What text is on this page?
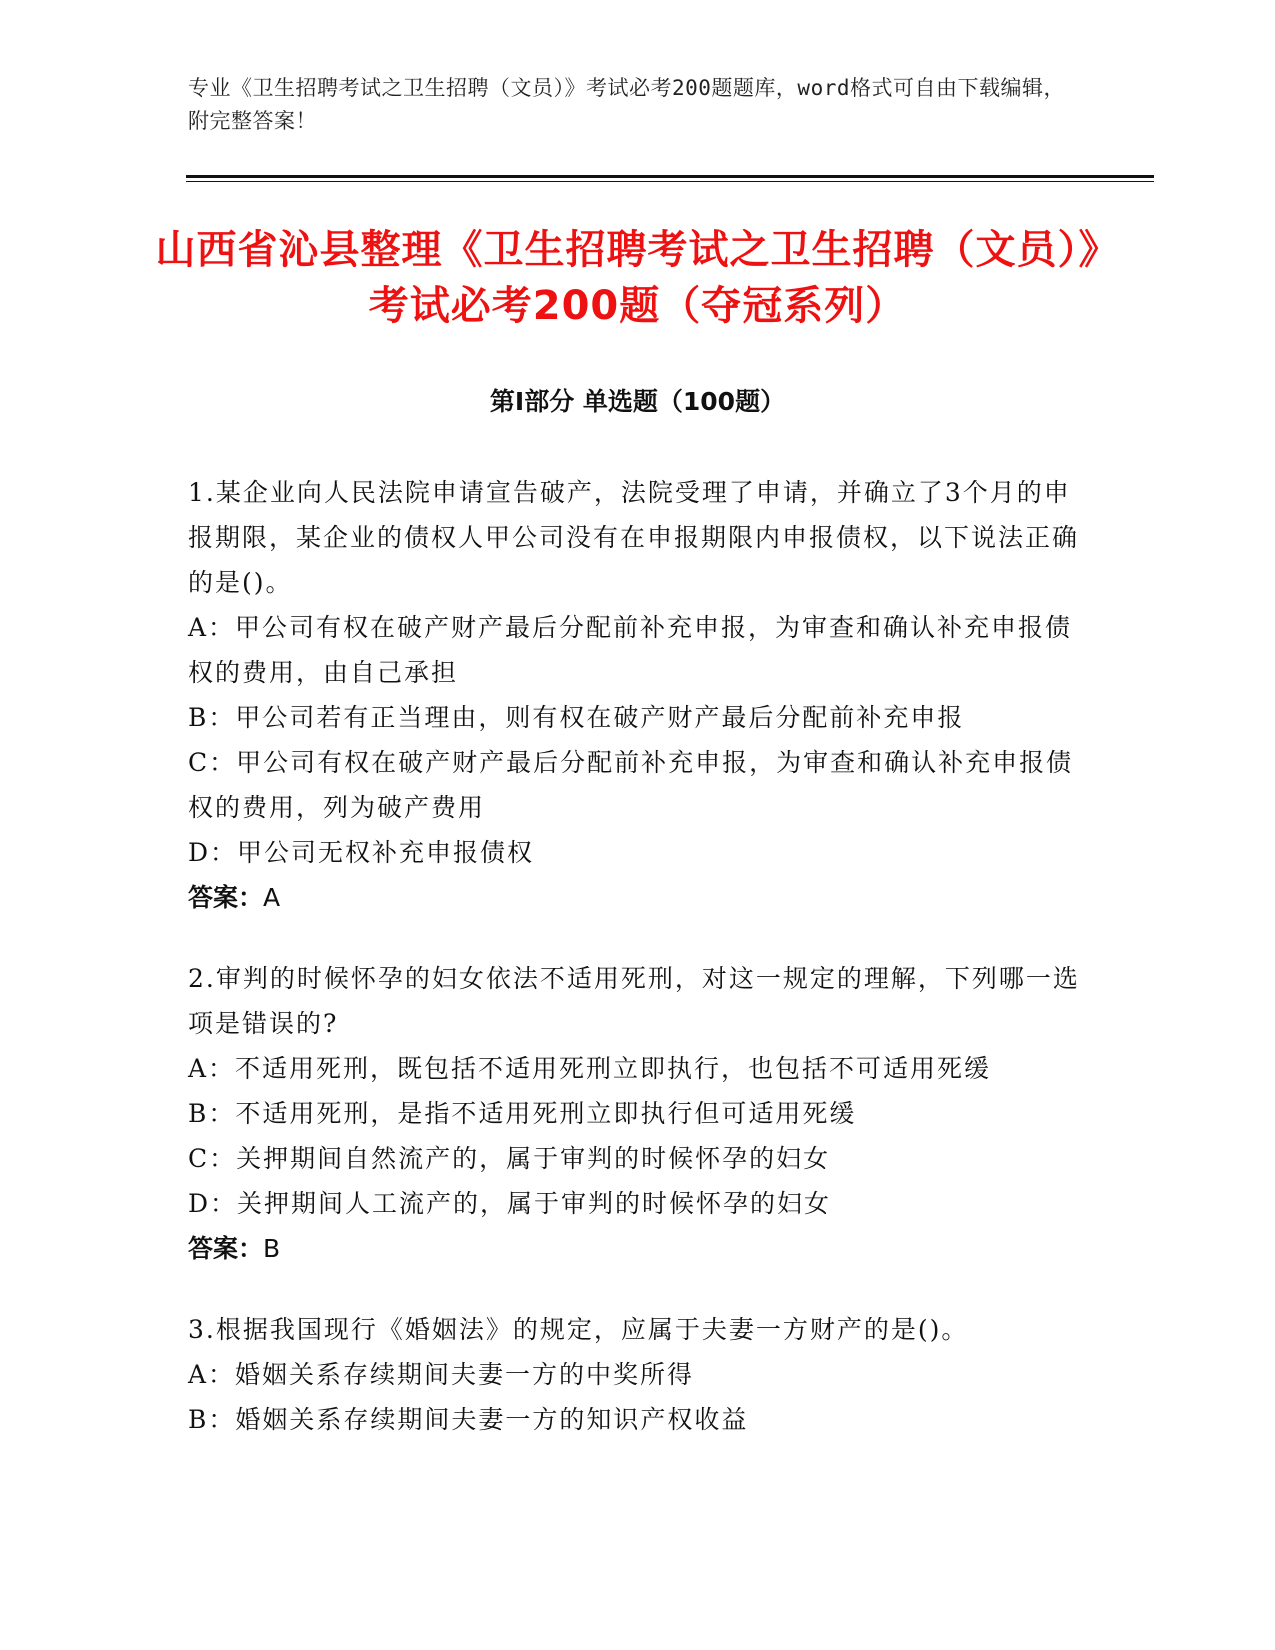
专业《卫生招聘考试之卫生招聘（文员）》考试必考200题题库，word格式可自由下载编辑，附完整答案！
山西省沁县整理《卫生招聘考试之卫生招聘（文员）》考试必考200题（夺冠系列）
第Ⅰ部分 单选题（100题）
1.某企业向人民法院申请宣告破产，法院受理了申请，并确立了3个月的申报期限，某企业的债权人甲公司没有在申报期限内申报债权，以下说法正确的是()。
A：甲公司有权在破产财产最后分配前补充申报，为审查和确认补充申报债权的费用，由自己承担
B：甲公司若有正当理由，则有权在破产财产最后分配前补充申报
C：甲公司有权在破产财产最后分配前补充申报，为审查和确认补充申报债权的费用，列为破产费用
D：甲公司无权补充申报债权
答案：A
2.审判的时候怀孕的妇女依法不适用死刑，对这一规定的理解，下列哪一选项是错误的?
A：不适用死刑，既包括不适用死刑立即执行，也包括不可适用死缓
B：不适用死刑，是指不适用死刑立即执行但可适用死缓
C：关押期间自然流产的，属于审判的时候怀孕的妇女
D：关押期间人工流产的，属于审判的时候怀孕的妇女
答案：B
3.根据我国现行《婚姻法》的规定，应属于夫妻一方财产的是()。
A：婚姻关系存续期间夫妻一方的中奖所得
B：婚姻关系存续期间夫妻一方的知识产权收益
